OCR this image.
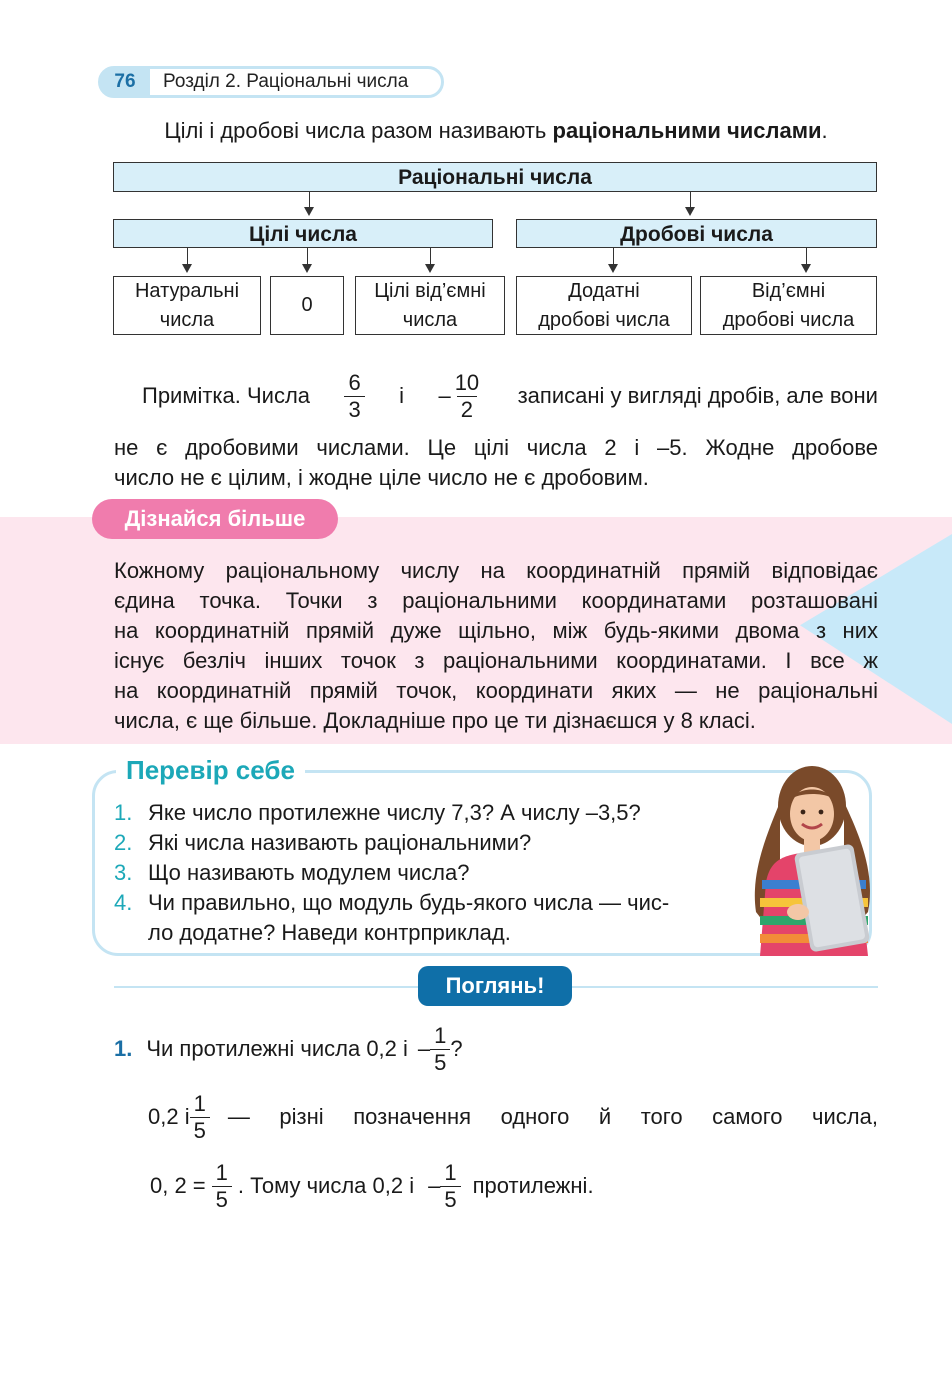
76	Розділ 2. Раціональні числа
Цілі і дробові числа разом називають раціональними числами.
Раціональні числа
Цілі числа	Дробові числа
Натуральні
числа
0
Цілі від’ємні
числа
Додатні
дробові числа
Від’ємні
дробові числа
Примітка. Числа $\frac{6}{3}$ і – $\frac{10}{2}$ записані у вигляді дробів, але вони
не є дробовими числами. Це цілі числа 2 і –5. Жодне дробове
число не є цілим, і жодне ціле число не є дробовим.
Дізнайся більше

Кожному раціональному числу на координатній прямій відповідає

єдина точка. Точки з раціональними координатами розташовані

на координатній прямій дуже щільно, між будь-якими двома з них

існує безліч інших точок з раціональними координатами. І все ж

на координатній прямій точок, координати яких — не раціональні

числа, є ще більше. Докладніше про це ти дізнаєшся у 8 класі.

Перевір себе
1. Яке число протилежне числу 7,3? А числу –3,5?
2. Які числа називають раціональними?
3. Що називають модулем числа?
4. Чи правильно, що модуль будь-якого числа — чис-
ло додатне? Наведи контрприклад.
Поглянь!
1. Чи протилежні числа 0,2 і – $\frac{1}{5}$ ?
0,2 і $\frac{1}{5}$ — різні позначення одного й того самого числа,
0, $2 = \frac{1}{5}$ . Тому числа 0,2 і – $\frac{1}{5}$ протилежні.
